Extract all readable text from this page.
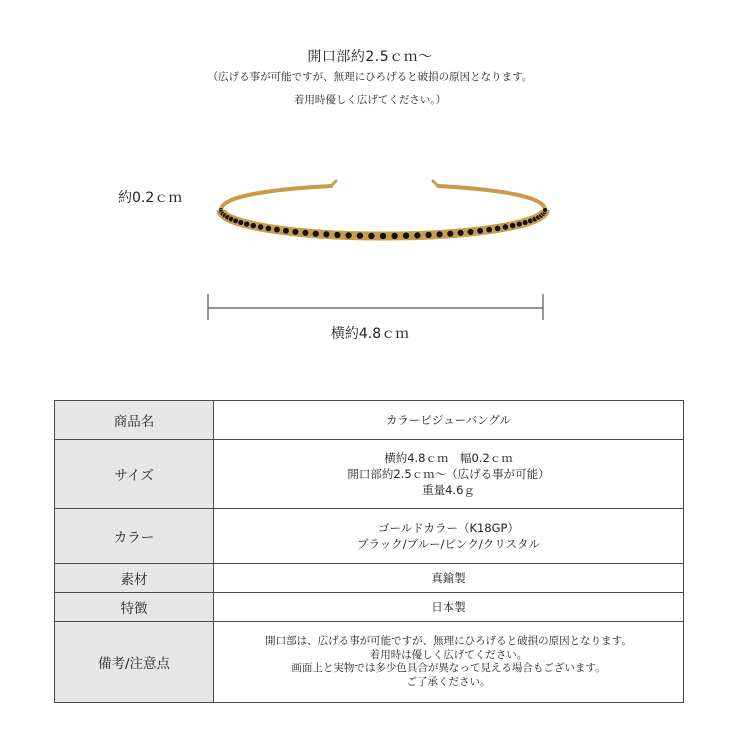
開口部約2.5ｃｍ～
（広げる事が可能ですが、無理にひろげると破損の原因となります。
着用時優しく広げてください。）
約0.2ｃｍ
横約4.8ｃｍ
商品名	カラービジューバングル
サイズ	横約4.8ｃｍ　幅0.2ｃｍ
開口部約2.5ｃｍ～（広げる事が可能）
重量4.6ｇ

カラー	ゴールドカラー（K18GP）
ブラック/ブルー/ピンク/クリスタル

素材	真鍮製
特徴	日本製
備考/注意点	開口部は、広げる事が可能ですが、無理にひろげると破損の原因となります。
着用時は優しく広げてください。
画面上と実物では多少色具合が異なって見える場合もございます。
ご了承ください。
